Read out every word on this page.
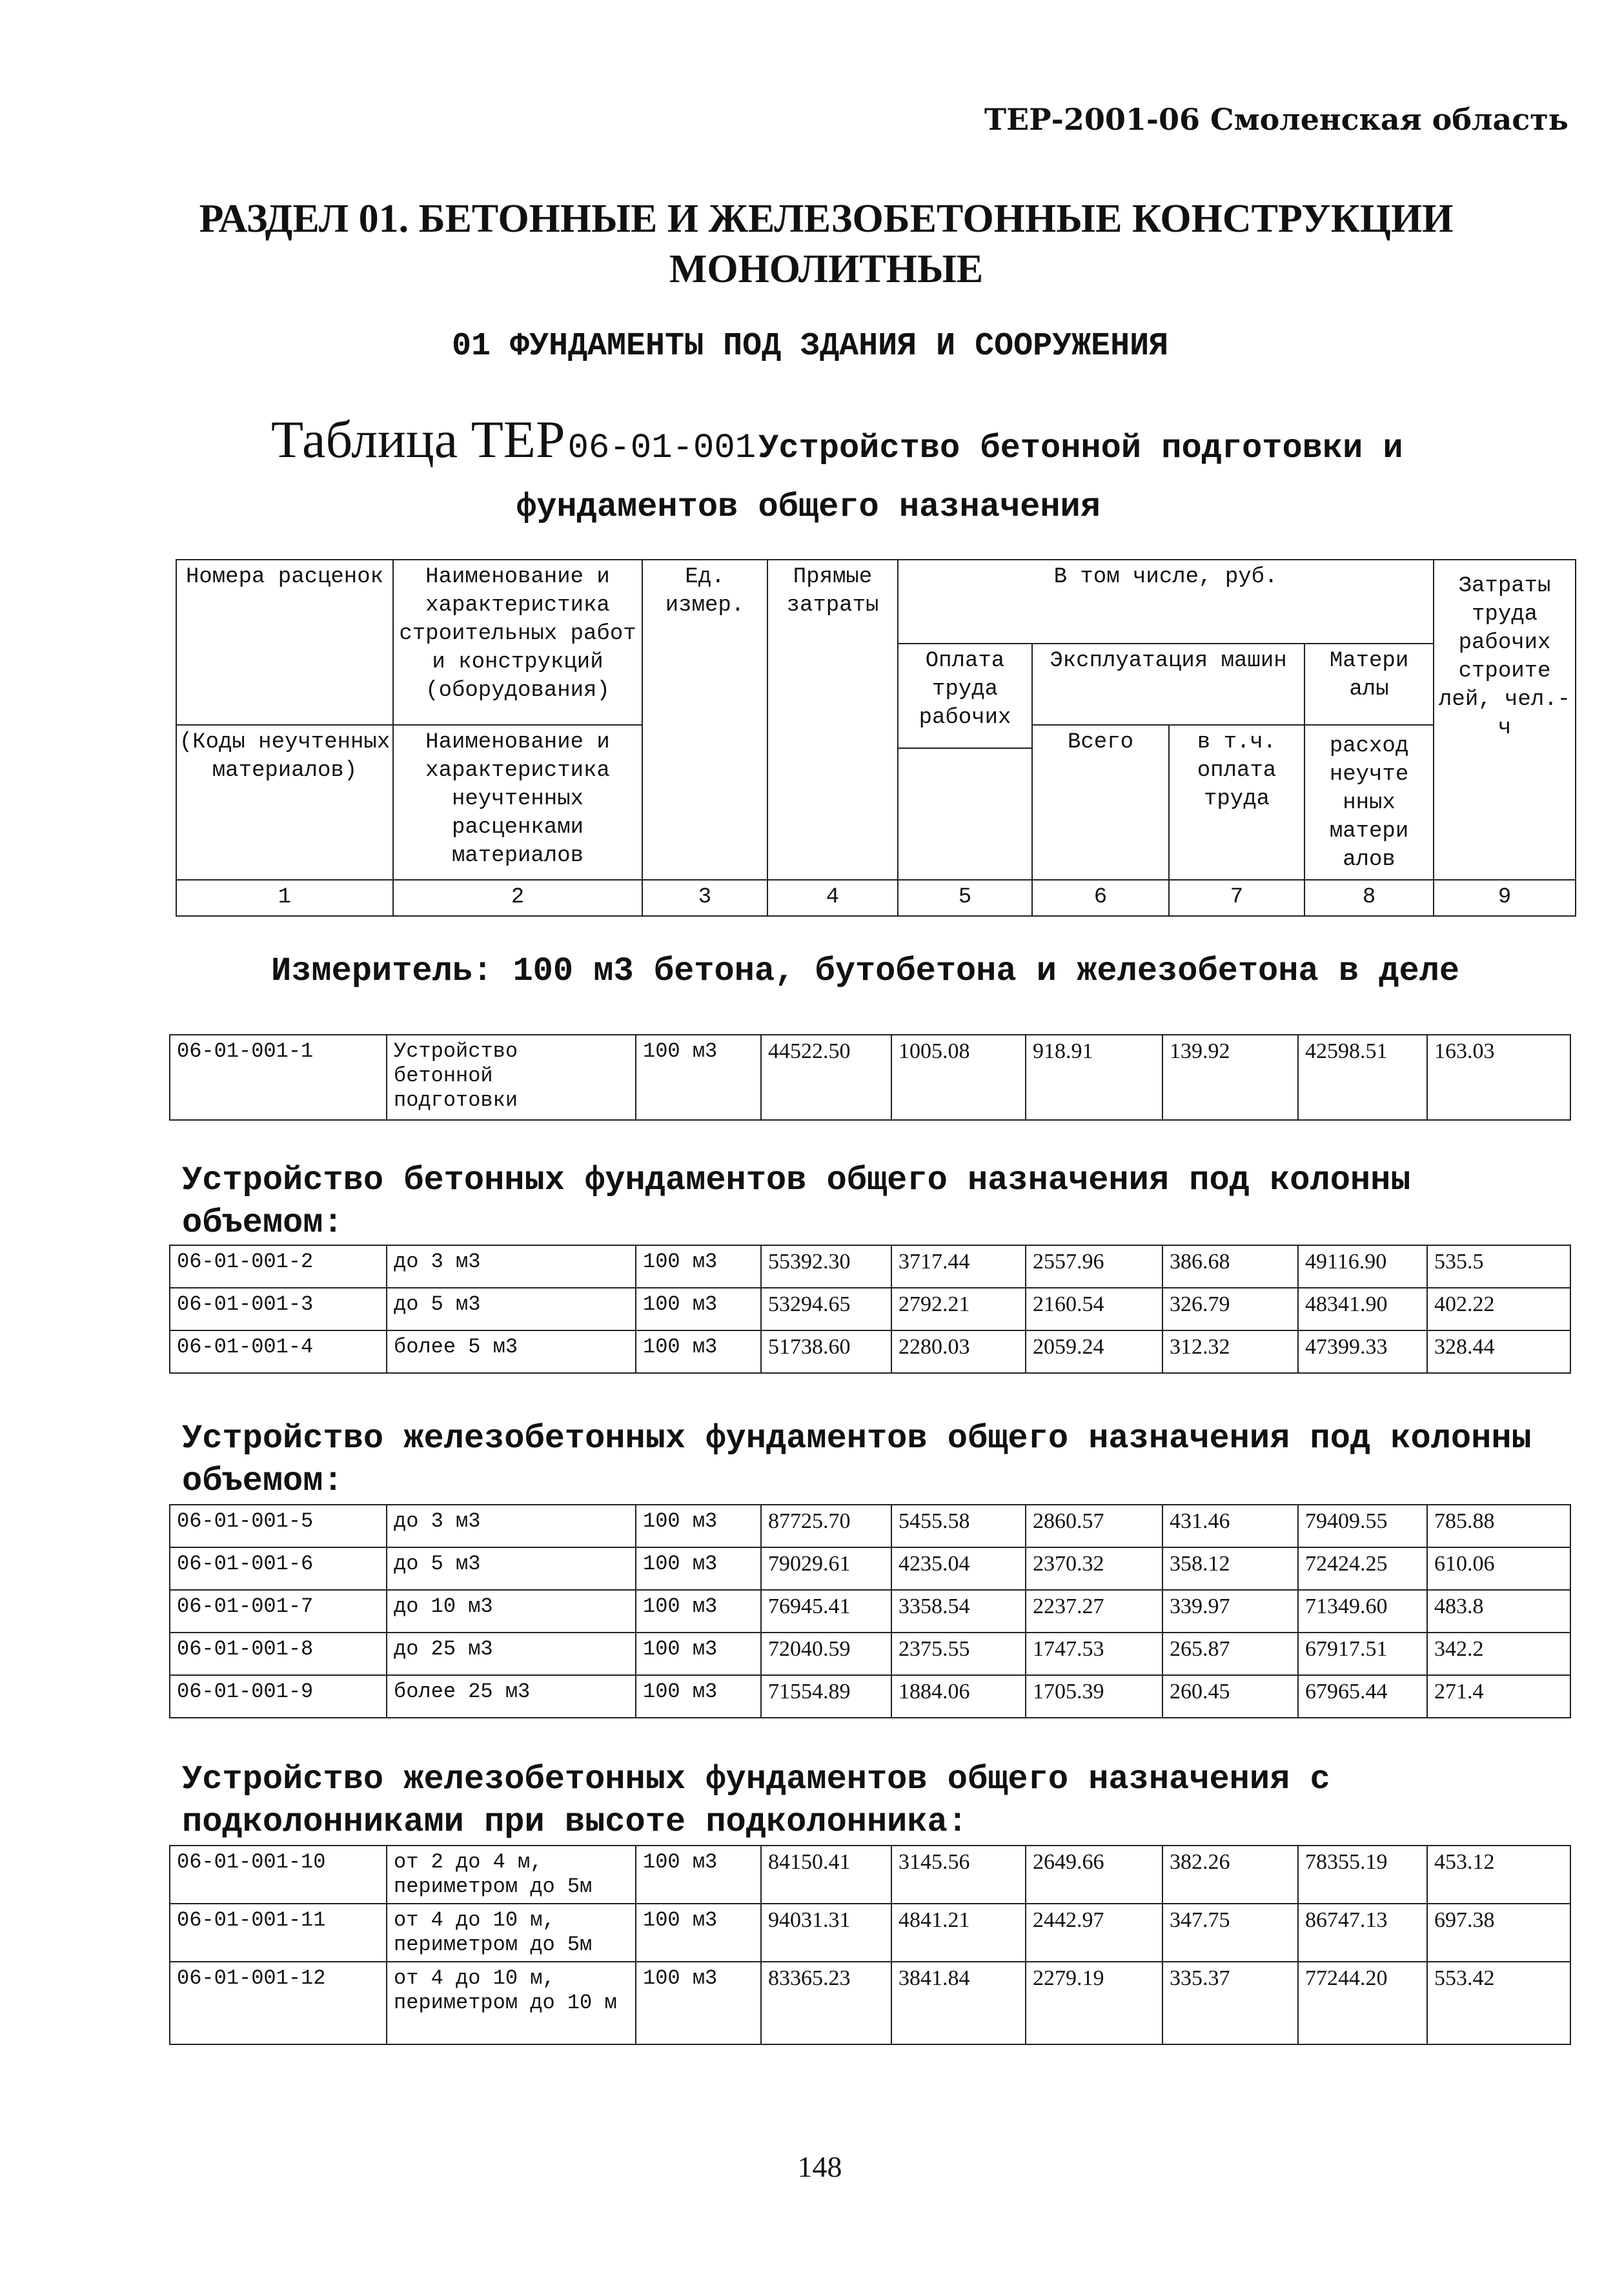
ТЕР-2001-06 Смоленская область
РАЗДЕЛ 01. БЕТОННЫЕ И ЖЕЛЕЗОБЕТОННЫЕ КОНСТРУКЦИИ
МОНОЛИТНЫЕ
01 ФУНДАМЕНТЫ ПОД ЗДАНИЯ И СООРУЖЕНИЯ
Таблица ТЕР 06-01-001 Устройство бетонной подготовки и
фундаментов общего назначения
Номера расценок	Наименование и характеристика строительных работ и конструкций (оборудования)	Ед. измер.	Прямые затраты	В том числе, руб.				Затраты труда рабочих строите лей, чел.-ч
				Оплата труда рабочих	Эксплуатация машин		Матери алы	
(Коды неучтенных материалов)	Наименование и характеристика неучтенных расценками материалов				Всего	в т.ч. оплата труда	расход неучте нных матери алов	

1	2	3	4	5	6	7	8	9
Измеритель: 100 м3 бетона, бутобетона и железобетона в деле
06-01-001-1	Устройство бетонной подготовки	100 м3	44522.50	1005.08	918.91	139.92	42598.51	163.03
Устройство бетонных фундаментов общего назначения под колонны объемом:
06-01-001-2	до 3 м3	100 м3	55392.30	3717.44	2557.96	386.68	49116.90	535.5
06-01-001-3	до 5 м3	100 м3	53294.65	2792.21	2160.54	326.79	48341.90	402.22
06-01-001-4	более 5 м3	100 м3	51738.60	2280.03	2059.24	312.32	47399.33	328.44
Устройство железобетонных фундаментов общего назначения под колонны объемом:
06-01-001-5	до 3 м3	100 м3	87725.70	5455.58	2860.57	431.46	79409.55	785.88
06-01-001-6	до 5 м3	100 м3	79029.61	4235.04	2370.32	358.12	72424.25	610.06
06-01-001-7	до 10 м3	100 м3	76945.41	3358.54	2237.27	339.97	71349.60	483.8
06-01-001-8	до 25 м3	100 м3	72040.59	2375.55	1747.53	265.87	67917.51	342.2
06-01-001-9	более 25 м3	100 м3	71554.89	1884.06	1705.39	260.45	67965.44	271.4
Устройство железобетонных фундаментов общего назначения с подколонниками при высоте подколонника:
06-01-001-10	от 2 до 4 м, периметром до 5м	100 м3	84150.41	3145.56	2649.66	382.26	78355.19	453.12
06-01-001-11	от 4 до 10 м, периметром до 5м	100 м3	94031.31	4841.21	2442.97	347.75	86747.13	697.38
06-01-001-12	от 4 до 10 м, периметром до 10 м	100 м3	83365.23	3841.84	2279.19	335.37	77244.20	553.42
148
